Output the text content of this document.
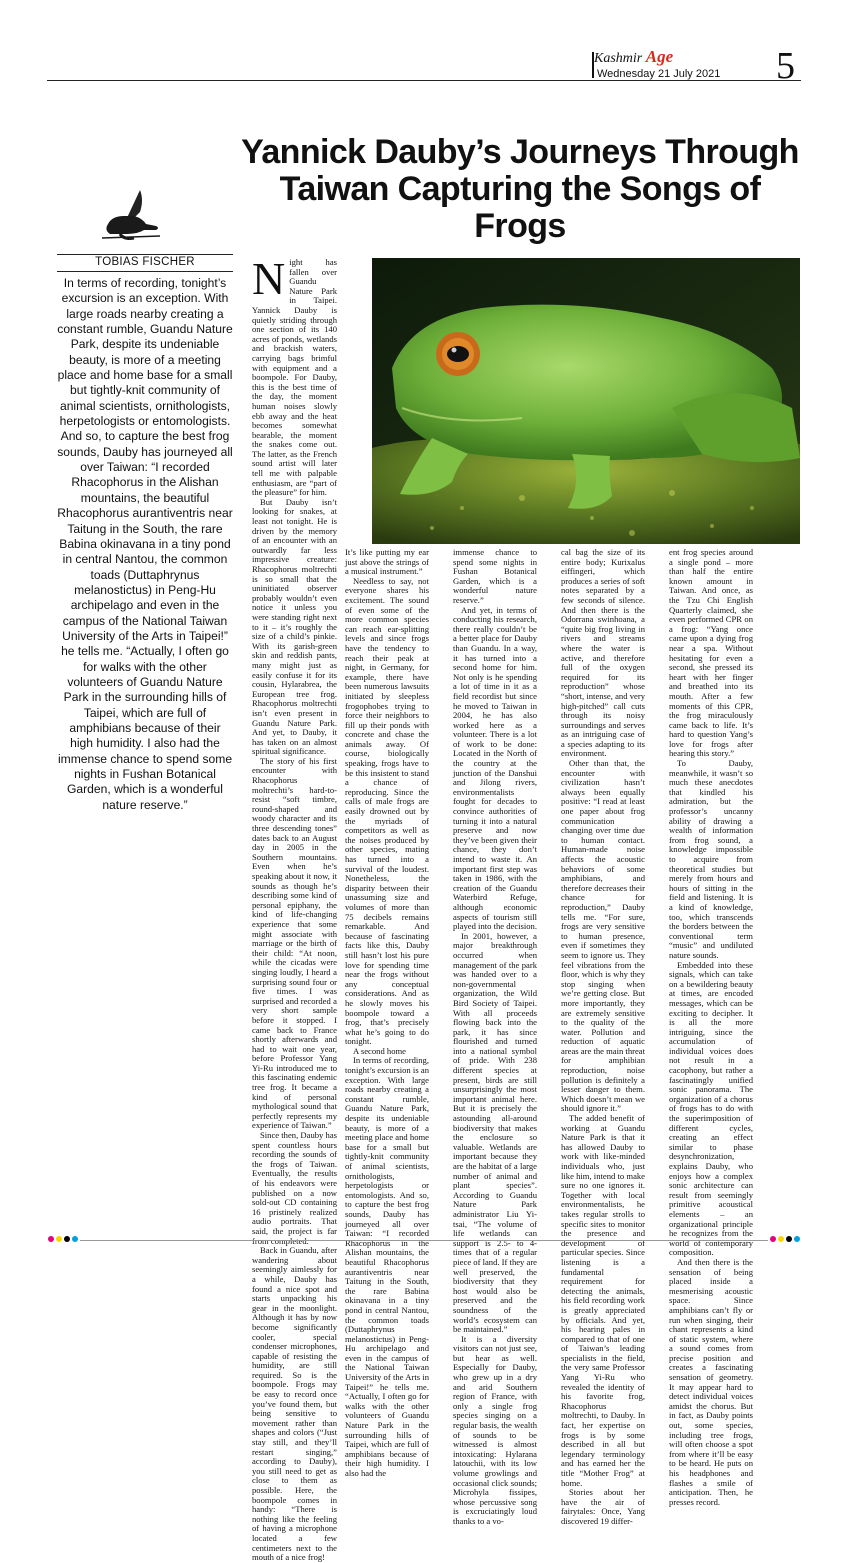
Kashmir Age
Wednesday 21 July 2021 5
Yannick Dauby’s Journeys Through Taiwan Capturing the Songs of Frogs
TOBIAS FISCHER
In terms of recording, tonight’s excursion is an exception. With large roads nearby creating a constant rumble, Guandu Nature Park, despite its undeniable beauty, is more of a meeting place and home base for a small but tightly-knit community of animal scientists, ornithologists, herpetologists or entomologists. And so, to capture the best frog sounds, Dauby has journeyed all over Taiwan: “I recorded Rhacophorus in the Alishan mountains, the beautiful Rhacophorus aurantiventris near Taitung in the South, the rare Babina okinavana in a tiny pond in central Nantou, the common toads (Duttaphrynus melanostictus) in Peng-Hu archipelago and even in the campus of the National Taiwan University of the Arts in Taipei!” he tells me. “Actually, I often go for walks with the other volunteers of Guandu Nature Park in the surrounding hills of Taipei, which are full of amphibians because of their high humidity. I also had the immense chance to spend some nights in Fushan Botanical Garden, which is a wonderful nature reserve.”
N ight has fallen over Guandu Nature Park in Taipei. Yannick Dauby is quietly striding through one section of its 140 acres of ponds, wetlands and brackish waters, carrying bags brimful with equipment and a boompole. For Dauby, this is the best time of the day, the moment human noises slowly ebb away and the heat becomes somewhat bearable, the moment the snakes come out. The latter, as the French sound artist will later tell me with palpable enthusiasm, are “part of the pleasure” for him.

But Dauby isn’t looking for snakes, at least not tonight. He is driven by the memory of an encounter with an outwardly far less impressive creature: Rhacophorus moltrechti is so small that the uninitiated observer probably wouldn’t even notice it unless you were standing right next to it – it’s roughly the size of a child’s pinkie. With its garish-green skin and reddish pants, many might just as easily confuse it for its cousin, Hylarabrea, the European tree frog. Rhacophorus moltrechti isn’t even present in Guandu Nature Park. And yet, to Dauby, it has taken on an almost spiritual significance.

The story of his first encounter with Rhacophorus moltrechti’s hard-to-resist “soft timbre, round-shaped and woody character and its three descending tones” dates back to an August day in 2005 in the Southern mountains. Even when he’s speaking about it now, it sounds as though he’s describing some kind of personal epiphany, the kind of life-changing experience that some might associate with marriage or the birth of their child: “At noon, while the cicadas were singing loudly, I heard a surprising sound four or five times. I was surprised and recorded a very short sample before it stopped. I came back to France shortly afterwards and had to wait one year, before Professor Yang Yi-Ru introduced me to this fascinating endemic tree frog. It became a kind of personal mythological sound that perfectly represents my experience of Taiwan.”

Since then, Dauby has spent countless hours recording the sounds of the frogs of Taiwan. Eventually, the results of his endeavors were published on a now sold-out CD containing 16 pristinely realized audio portraits. That said, the project is far from completed.

Back in Guandu, after wandering about seemingly aimlessly for a while, Dauby has found a nice spot and starts unpacking his gear in the moonlight. Although it has by now become significantly cooler, special condenser microphones, capable of resisting the humidity, are still required. So is the boompole. Frogs may be easy to record once you’ve found them, but being sensitive to movement rather than shapes and colors (“Just stay still, and they’ll restart singing,” according to Dauby), you still need to get as close to them as possible. Here, the boompole comes in handy: “There is nothing like the feeling of having a microphone located a few centimeters next to the mouth of a nice frog!

It’s like putting my ear just above the strings of a musical instrument.”

Needless to say, not everyone shares his excitement. The sound of even some of the more common species can reach ear-splitting levels and since frogs have the tendency to reach their peak at night, in Germany, for example, there have been numerous lawsuits initiated by sleepless frogophobes trying to force their neighbors to fill up their ponds with concrete and chase the animals away. Of course, biologically speaking, frogs have to be this insistent to stand a chance of reproducing. Since the calls of male frogs are easily drowned out by the myriads of competitors as well as the noises produced by other species, mating has turned into a survival of the loudest. Nonetheless, the disparity between their unassuming size and volumes of more than 75 decibels remains remarkable. And because of fascinating facts like this, Dauby still hasn’t lost his pure love for spending time near the frogs without any conceptual considerations. And as he slowly moves his boompole toward a frog, that’s precisely what he’s going to do tonight.

A second home

In terms of recording, tonight’s excursion is an exception. With large roads nearby creating a constant rumble, Guandu Nature Park, despite its undeniable beauty, is more of a meeting place and home base for a small but tightly-knit community of animal scientists, ornithologists, herpetologists or entomologists. And so, to capture the best frog sounds, Dauby has journeyed all over Taiwan: “I recorded Rhacophorus in the Alishan mountains, the beautiful Rhacophorus aurantiventris near Taitung in the South, the rare Babina okinavana in a tiny pond in central Nantou, the common toads (Duttaphrynus melanostictus) in Peng-Hu archipelago and even in the campus of the National Taiwan University of the Arts in Taipei!” he tells me. “Actually, I often go for walks with the other volunteers of Guandu Nature Park in the surrounding hills of Taipei, which are full of amphibians because of their high humidity. I also had the

immense chance to spend some nights in Fushan Botanical Garden, which is a wonderful nature reserve.”

And yet, in terms of conducting his research, there really couldn’t be a better place for Dauby than Guandu. In a way, it has turned into a second home for him. Not only is he spending a lot of time in it as a field recordist but since he moved to Taiwan in 2004, he has also worked here as a volunteer. There is a lot of work to be done: Located in the North of the country at the junction of the Danshui and Jilong rivers, environmentalists fought for decades to convince authorities of turning it into a natural preserve and now they’ve been given their chance, they don’t intend to waste it. An important first step was taken in 1986, with the creation of the Guandu Waterbird Refuge, although economic aspects of tourism still played into the decision.

In 2001, however, a major breakthrough occurred when management of the park was handed over to a non-governmental organization, the Wild Bird Society of Taipei. With all proceeds flowing back into the park, it has since flourished and turned into a national symbol of pride. With 238 different species at present, birds are still unsurprisingly the most important animal here. But it is precisely the astounding all-around biodiversity that makes the enclosure so valuable. Wetlands are important because they are the habitat of a large number of animal and plant species”. According to Guandu Nature Park administrator Liu Yi-tsai, “The volume of life wetlands can support is 2.5- to 4-times that of a regular piece of land. If they are well preserved, the biodiversity that they host would also be preserved and the soundness of the world’s ecosystem can be maintained.”

It is a diversity visitors can not just see, but hear as well. Especially for Dauby, who grew up in a dry and arid Southern region of France, with only a single frog species singing on a regular basis, the wealth of sounds to be witnessed is almost intoxicating: Hylarana latouchii, with its low volume growlings and occasional click sounds; Microhyla fissipes, whose percussive song is excruciatingly loud thanks to a vo-

cal bag the size of its entire body; Kurixalus eiffingeri, which produces a series of soft notes separated by a few seconds of silence. And then there is the Odorrana swinhoana, a “quite big frog living in rivers and streams where the water is active, and therefore full of the oxygen required for its reproduction” whose “short, intense, and very high-pitched” call cuts through its noisy surroundings and serves as an intriguing case of a species adapting to its environment.

Other than that, the encounter with civilization hasn’t always been equally positive: “I read at least one paper about frog communication changing over time due to human contact. Human-made noise affects the acoustic behaviors of some amphibians, and therefore decreases their chance for reproduction,” Dauby tells me. “For sure, frogs are very sensitive to human presence, even if sometimes they seem to ignore us. They feel vibrations from the floor, which is why they stop singing when we’re getting close. But more importantly, they are extremely sensitive to the quality of the water. Pollution and reduction of aquatic areas are the main threat for amphibian reproduction, noise pollution is definitely a lesser danger to them. Which doesn’t mean we should ignore it.”

The added benefit of working at Guandu Nature Park is that it has allowed Dauby to work with like-minded individuals who, just like him, intend to make sure no one ignores it. Together with local environmentalists, he takes regular strolls to specific sites to monitor the presence and development of particular species. Since listening is a fundamental requirement for detecting the animals, his field recording work is greatly appreciated by officials. And yet, his hearing pales in compared to that of one of Taiwan’s leading specialists in the field, the very same Professor Yang Yi-Ru who revealed the identity of his favorite frog, Rhacophorus moltrechti, to Dauby. In fact, her expertise on frogs is by some described in all but legendary terminology and has earned her the title “Mother Frog” at home.

Stories about her have the air of fairytales: Once, Yang discovered 19 differ-

ent frog species around a single pond – more than half the entire known amount in Taiwan. And once, as the Tzu Chi English Quarterly claimed, she even performed CPR on a frog: “Yang once came upon a dying frog near a spa. Without hesitating for even a second, she pressed its heart with her finger and breathed into its mouth. After a few moments of this CPR, the frog miraculously came back to life. It’s hard to question Yang’s love for frogs after hearing this story.”

To Dauby, meanwhile, it wasn’t so much these anecdotes that kindled his admiration, but the professor’s uncanny ability of drawing a wealth of information from frog sound, a knowledge impossible to acquire from theoretical studies but merely from hours and hours of sitting in the field and listening. It is a kind of knowledge, too, which transcends the borders between the conventional term “music” and undiluted nature sounds.

Embedded into these signals, which can take on a bewildering beauty at times, are encoded messages, which can be exciting to decipher. It is all the more intriguing, since the accumulation of individual voices does not result in a cacophony, but rather a fascinatingly unified sonic panorama. The organization of a chorus of frogs has to do with the superimposition of different cycles, creating an effect similar to phase desynchronization, explains Dauby, who enjoys how a complex sonic architecture can result from seemingly primitive acoustical elements – an organizational principle he recognizes from the world of contemporary composition.

And then there is the sensation of being placed inside a mesmerising acoustic space. Since amphibians can’t fly or run when singing, their chant represents a kind of static system, where a sound comes from precise position and creates a fascinating sensation of geometry. It may appear hard to detect individual voices amidst the chorus. But in fact, as Dauby points out, some species, including tree frogs, will often choose a spot from where it’ll be easy to be heard. He puts on his headphones and flashes a smile of anticipation. Then, he presses record.
